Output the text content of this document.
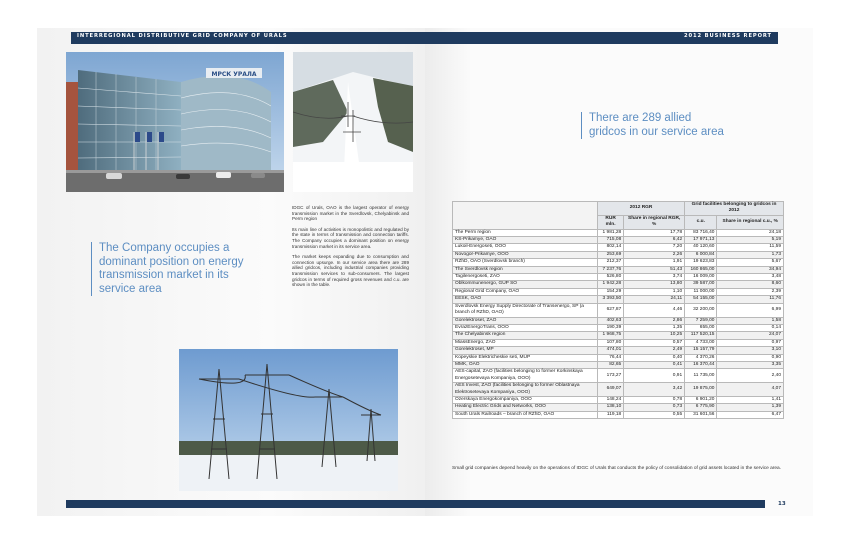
INTERREGIONAL DISTRIBUTIVE GRID COMPANY OF URALS	2012 BUSINESS REPORT
МРСК УРАЛА
The Company occupies a dominant position on energy transmission market in its service area

IDGC of Urals, OAO is the largest operator of energy transmission market in the Sverdlovsk, Chelyabinsk and Perm region

Its main line of activities is monopolistic and regulated by the state in terms of transmission and connection tariffs. The Company occupies a dominant position on energy transmission market in its service area.

The market keeps expanding due to consumption and connection upsurge. In our service area there are 289 allied gridcos, including industrial companies providing transmission services to sub-consumers. The largest gridcos in terms of required gross revenues and c.u. are shown in the table.

There are 289 allied gridcos in our service area
	2012 RGR		Grid facilities belonging to gridcos in 2012	
	RUR mln.	Share in regional RGR, %	c.u.	Share in regional c.u., %
The Perm region	1 981,28	17,78	83 716,40	24,18
KS-Prikamye, OAO	715,08	6,42	17 971,13	5,19
Lukoil-Energoseti, OOO	802,14	7,20	40 120,60	11,59
Novogor-Prikamye, OOO	253,69	2,26	6 000,84	1,73
RZhD, OAO (Sverdlovsk branch)	212,37	1,91	19 623,83	5,67
The Sverdlovsk region	7 237,76	51,43	160 865,00	34,94
Tagilenergoseti, ZAO	526,80	3,74	16 009,00	3,48
Oblkommunenergo, GUP SO	1 942,28	13,80	39 587,00	8,60
Regional Grid Company, OAO	154,29	1,10	11 000,00	2,39
EESK, OAO	3 393,50	24,11	54 155,00	11,76
Sverdlovsk Energy Supply Directorate of Transenergo, SP (a branch of RZhD, OAO)	627,87	4,46	32 200,00	6,99
Gorelektroset, ZAO	402,63	2,86	7 259,00	1,58
EvrazEnergoTrans, OOO	190,39	1,35	655,00	0,14
The Chelyabinsk region	1 968,75	10,25	117 520,15	24,07
MiassEnergo, ZAO	107,80	0,57	4 733,00	0,97
Gorelektroset, MP	474,01	2,49	15 157,79	3,10
Kopeyskie Elektricheskie seti, MUP	76,44	0,40	4 370,26	0,90
MMK, OAO	82,65	0,41	16 370,44	3,35
AES-capital, ZAO (facilities belonging to former Korkinskaya Energosetevaya Kompaniya, OOO)	173,27	0,91	11 735,00	2,40
AES Invest, ZAO (facilities belonging to former Oblastnaya Elektrosetevaya Kompaniya, OOO)	649,07	3,42	19 875,00	4,07
Ozerskaya Energokompaniya, OOO	148,24	0,78	6 901,20	1,41
Heating Electric Grids and Networks, OOO	138,10	0,73	6 775,90	1,39
South Urals Railroads – branch of RZhD, OAO	119,18	0,55	31 601,56	6,47
Small grid companies depend heavily on the operations of IDGC of Urals that conducts the policy of consolidation of grid assets located in the service area.
12	13
